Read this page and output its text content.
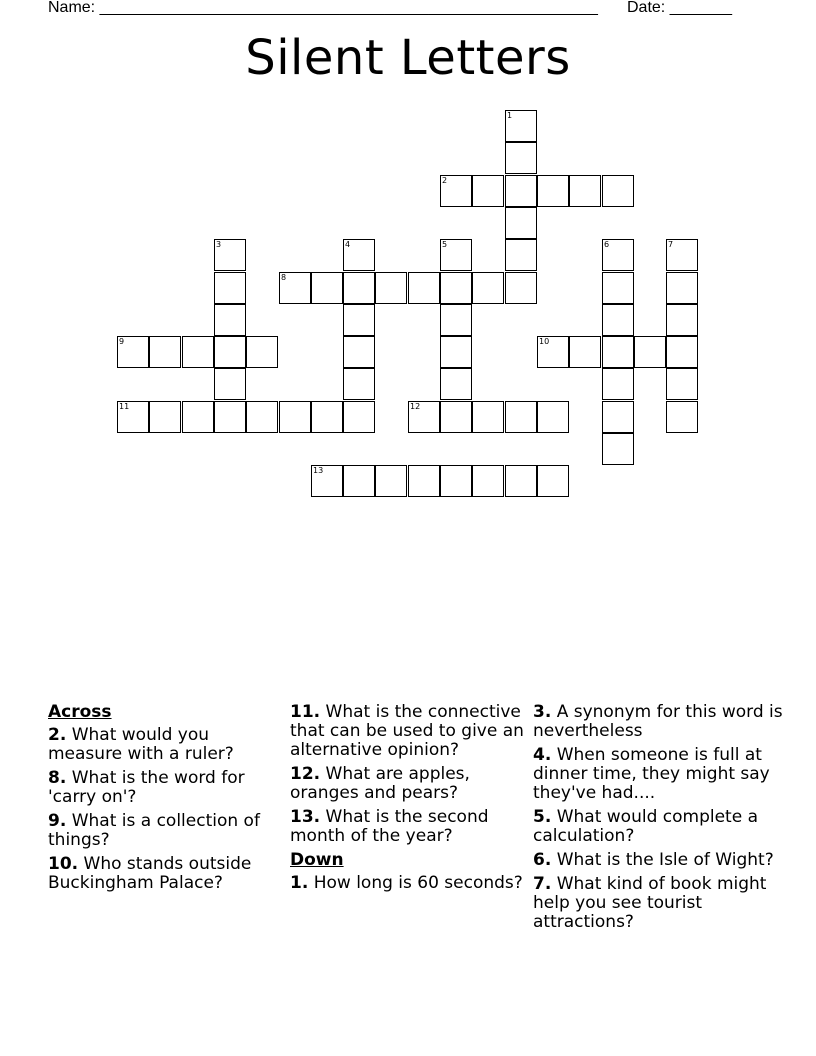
Name: ________________________________________________________ Date: _______
Silent Letters
1
2
3	4	5	6	7
8
9	10
11	12
13
Across
2. What would you measure with a ruler?
8. What is the word for 'carry on'?
9. What is a collection of things?
10. Who stands outside Buckingham Palace?
11. What is the connective that can be used to give an alternative opinion?
12. What are apples, oranges and pears?
13. What is the second month of the year?
Down
1. How long is 60 seconds?
3. A synonym for this word is nevertheless
4. When someone is full at dinner time, they might say they've had....
5. What would complete a calculation?
6. What is the Isle of Wight?
7. What kind of book might help you see tourist attractions?
